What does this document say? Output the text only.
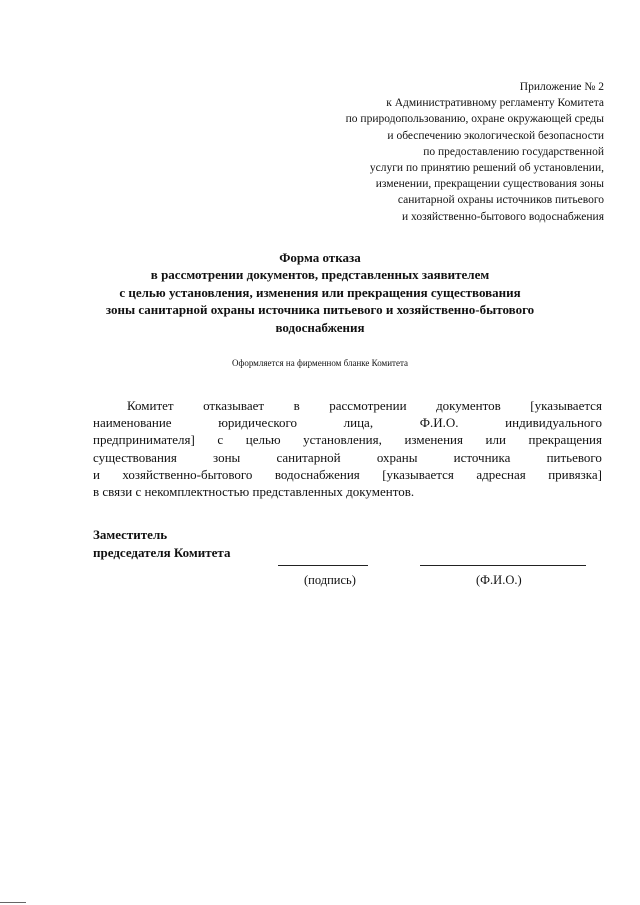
Приложение № 2
к Административному регламенту Комитета
по природопользованию, охране окружающей среды
и обеспечению экологической безопасности
по предоставлению государственной
услуги по принятию решений об установлении,
изменении, прекращении существования зоны
санитарной охраны источников питьевого
и хозяйственно-бытового водоснабжения
Форма отказа
в рассмотрении документов, представленных заявителем
с целью установления, изменения или прекращения существования
зоны санитарной охраны источника питьевого и хозяйственно-бытового
водоснабжения
Оформляется на фирменном бланке Комитета
Комитет отказывает в рассмотрении документов [указывается
наименование	юридического	лица,	Ф.И.О.	индивидуального
предпринимателя] с целью установления, изменения или прекращения
существования	зоны	санитарной	охраны	источника	питьевого
и хозяйственно-бытового водоснабжения [указывается адресная привязка]
в связи с некомплектностью представленных документов.
Заместитель
председателя Комитета
(подпись)	(Ф.И.О.)
